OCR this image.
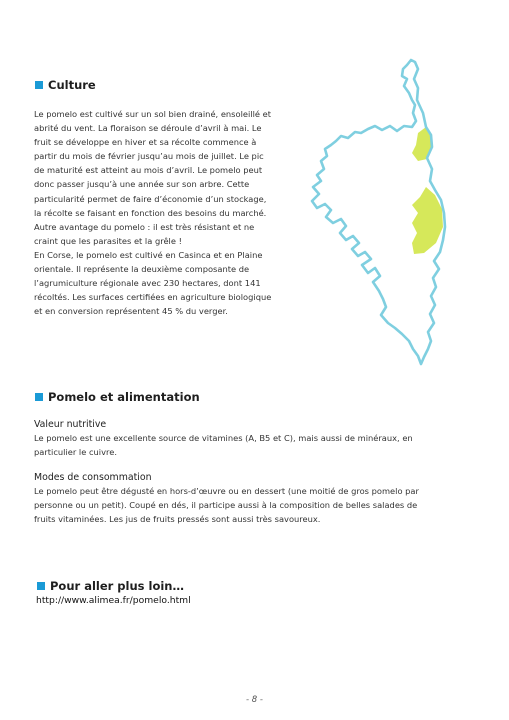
Culture
Le pomelo est cultivé sur un sol bien drainé, ensoleillé et
abrité du vent. La floraison se déroule d’avril à mai. Le
fruit se développe en hiver et sa récolte commence à
partir du mois de février jusqu’au mois de juillet. Le pic
de maturité est atteint au mois d’avril. Le pomelo peut
donc passer jusqu’à une année sur son arbre. Cette
particularité permet de faire d’économie d’un stockage,
la récolte se faisant en fonction des besoins du marché.
Autre avantage du pomelo : il est très résistant et ne
craint que les parasites et la grêle !
En Corse, le pomelo est cultivé en Casinca et en Plaine
orientale. Il représente la deuxième composante de
l’agrumiculture régionale avec 230 hectares, dont 141
récoltés. Les surfaces certifiées en agriculture biologique
et en conversion représentent 45 % du verger.
Pomelo et alimentation
Valeur nutritive
Le pomelo est une excellente source de vitamines (A, B5 et C), mais aussi de minéraux, en
particulier le cuivre.
Modes de consommation
Le pomelo peut être dégusté en hors-d’œuvre ou en dessert (une moitié de gros pomelo par
personne ou un petit). Coupé en dés, il participe aussi à la composition de belles salades de
fruits vitaminées. Les jus de fruits pressés sont aussi très savoureux.
Pour aller plus loin…
http://www.alimea.fr/pomelo.html
- 8 -
